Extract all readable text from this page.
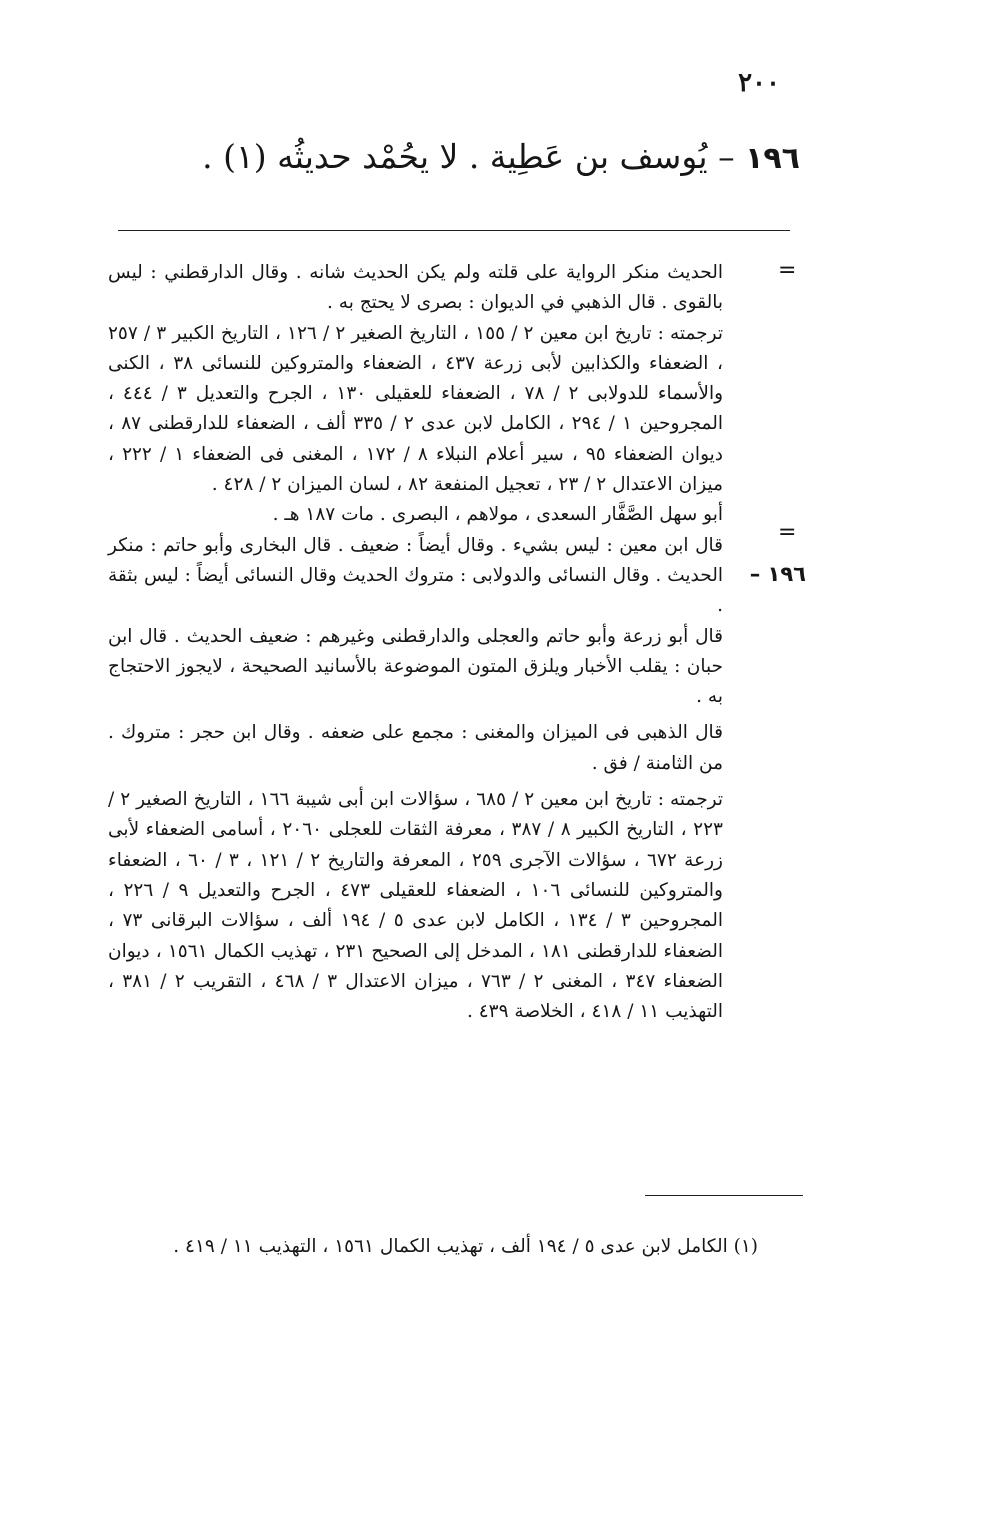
٢٠٠
١٩٦ – يُوسف بن عَطِية . لا يحُمْد حديثُه (١) .
=
=
١٩٦ –

الحديث منكر الرواية على قلته ولم يكن الحديث شانه . وقال الدارقطني : ليس بالقوى . قال الذهبي في الديوان : بصرى لا يحتج به .

ترجمته : تاريخ ابن معين ٢ / ١٥٥ ، التاريخ الصغير ٢ / ١٢٦ ، التاريخ الكبير ٣ / ٢٥٧ ، الضعفاء والكذابين لأبى زرعة ٤٣٧ ، الضعفاء والمتروكين للنسائى ٣٨ ، الكنى والأسماء للدولابى ٢ / ٧٨ ، الضعفاء للعقيلى ١٣٠ ، الجرح والتعديل ٣ / ٤٤٤ ، المجروحين ١ / ٢٩٤ ، الكامل لابن عدى ٢ / ٣٣٥ ألف ، الضعفاء للدارقطنى ٨٧ ، ديوان الضعفاء ٩٥ ، سير أعلام النبلاء ٨ / ١٧٢ ، المغنى فى الضعفاء ١ / ٢٢٢ ، ميزان الاعتدال ٢ / ٢٣ ، تعجيل المنفعة ٨٢ ، لسان الميزان ٢ / ٤٢٨ .

أبو سهل الصَّفَّار السعدى ، مولاهم ، البصرى . مات ١٨٧ هـ .

قال ابن معين : ليس بشيء . وقال أيضاً : ضعيف . قال البخارى وأبو حاتم : منكر الحديث . وقال النسائى والدولابى : متروك الحديث وقال النسائى أيضاً : ليس بثقة .

قال أبو زرعة وأبو حاتم والعجلى والدارقطنى وغيرهم : ضعيف الحديث . قال ابن حبان : يقلب الأخبار ويلزق المتون الموضوعة بالأسانيد الصحيحة ، لايجوز الاحتجاج به .

قال الذهبى فى الميزان والمغنى : مجمع على ضعفه . وقال ابن حجر : متروك . من الثامنة / فق .

ترجمته : تاريخ ابن معين ٢ / ٦٨٥ ، سؤالات ابن أبى شيبة ١٦٦ ، التاريخ الصغير ٢ / ٢٢٣ ، التاريخ الكبير ٨ / ٣٨٧ ، معرفة الثقات للعجلى ٢٠٦٠ ، أسامى الضعفاء لأبى زرعة ٦٧٢ ، سؤالات الآجرى ٢٥٩ ، المعرفة والتاريخ ٢ / ١٢١ ، ٣ / ٦٠ ، الضعفاء والمتروكين للنسائى ١٠٦ ، الضعفاء للعقيلى ٤٧٣ ، الجرح والتعديل ٩ / ٢٢٦ ، المجروحين ٣ / ١٣٤ ، الكامل لابن عدى ٥ / ١٩٤ ألف ، سؤالات البرقانى ٧٣ ، الضعفاء للدارقطنى ١٨١ ، المدخل إلى الصحيح ٢٣١ ، تهذيب الكمال ١٥٦١ ، ديوان الضعفاء ٣٤٧ ، المغنى ٢ / ٧٦٣ ، ميزان الاعتدال ٣ / ٤٦٨ ، التقريب ٢ / ٣٨١ ، التهذيب ١١ / ٤١٨ ، الخلاصة ٤٣٩ .

(١) الكامل لابن عدى ٥ / ١٩٤ ألف ، تهذيب الكمال ١٥٦١ ، التهذيب ١١ / ٤١٩ .
